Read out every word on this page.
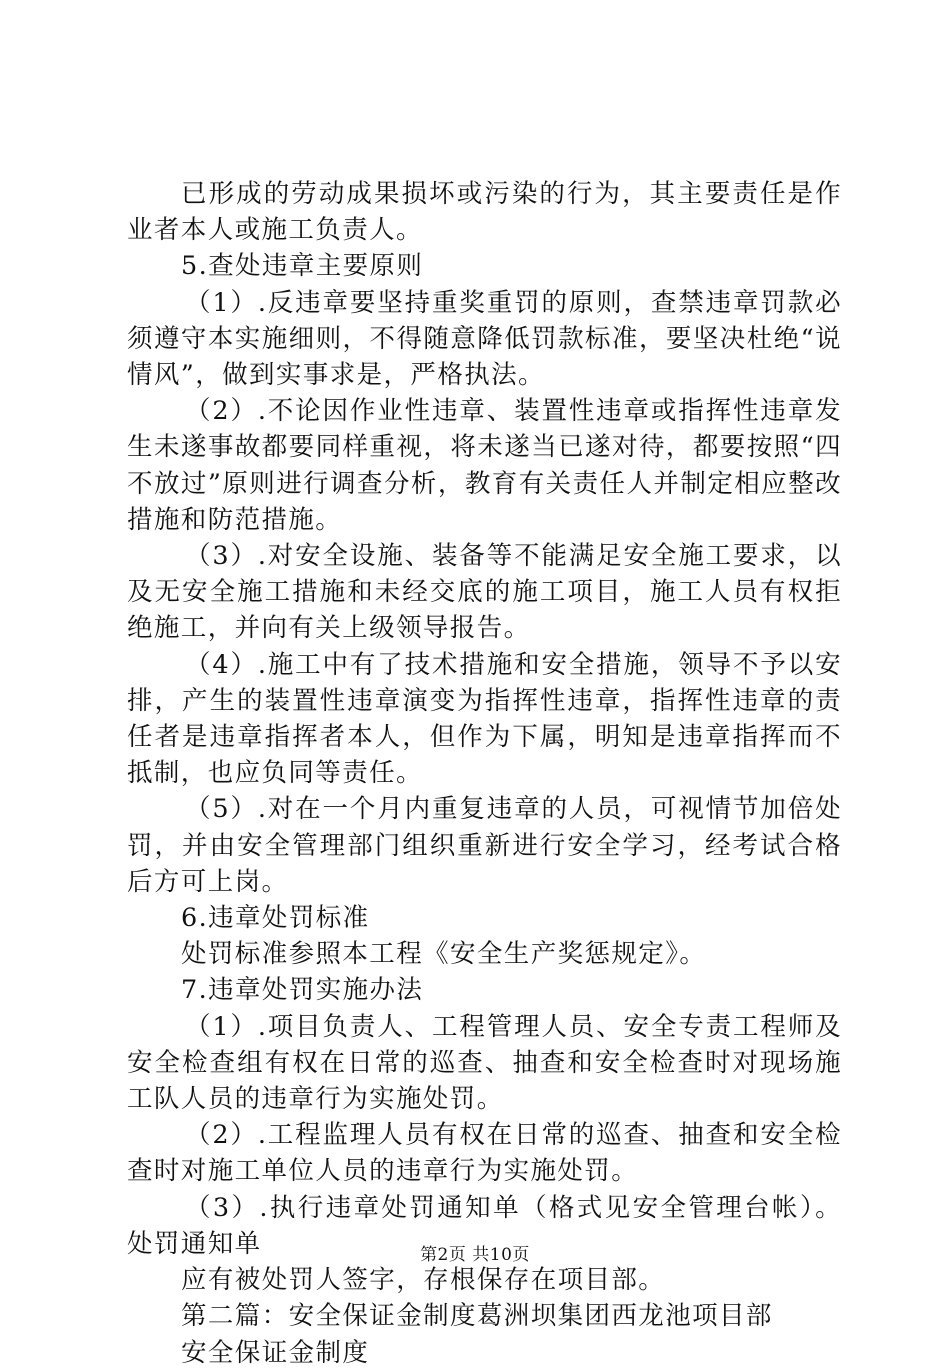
已形成的劳动成果损坏或污染的行为，其主要责任是作业者本人或施工负责人。

5.查处违章主要原则

（1）.反违章要坚持重奖重罚的原则，查禁违章罚款必须遵守本实施细则，不得随意降低罚款标准，要坚决杜绝“说情风”，做到实事求是，严格执法。

（2）.不论因作业性违章、装置性违章或指挥性违章发生未遂事故都要同样重视，将未遂当已遂对待，都要按照“四不放过”原则进行调查分析，教育有关责任人并制定相应整改措施和防范措施。

（3）.对安全设施、装备等不能满足安全施工要求，以及无安全施工措施和未经交底的施工项目，施工人员有权拒绝施工，并向有关上级领导报告。

（4）.施工中有了技术措施和安全措施，领导不予以安排，产生的装置性违章演变为指挥性违章，指挥性违章的责任者是违章指挥者本人，但作为下属，明知是违章指挥而不抵制，也应负同等责任。

（5）.对在一个月内重复违章的人员，可视情节加倍处罚，并由安全管理部门组织重新进行安全学习，经考试合格后方可上岗。

6.违章处罚标准

处罚标准参照本工程《安全生产奖惩规定》。

7.违章处罚实施办法

（1）.项目负责人、工程管理人员、安全专责工程师及安全检查组有权在日常的巡查、抽查和安全检查时对现场施工队人员的违章行为实施处罚。

（2）.工程监理人员有权在日常的巡查、抽查和安全检查时对施工单位人员的违章行为实施处罚。

（3）.执行违章处罚通知单（格式见安全管理台帐）。处罚通知单

应有被处罚人签字，存根保存在项目部。

第二篇：安全保证金制度葛洲坝集团西龙池项目部

安全保证金制度

第2页 共10页
